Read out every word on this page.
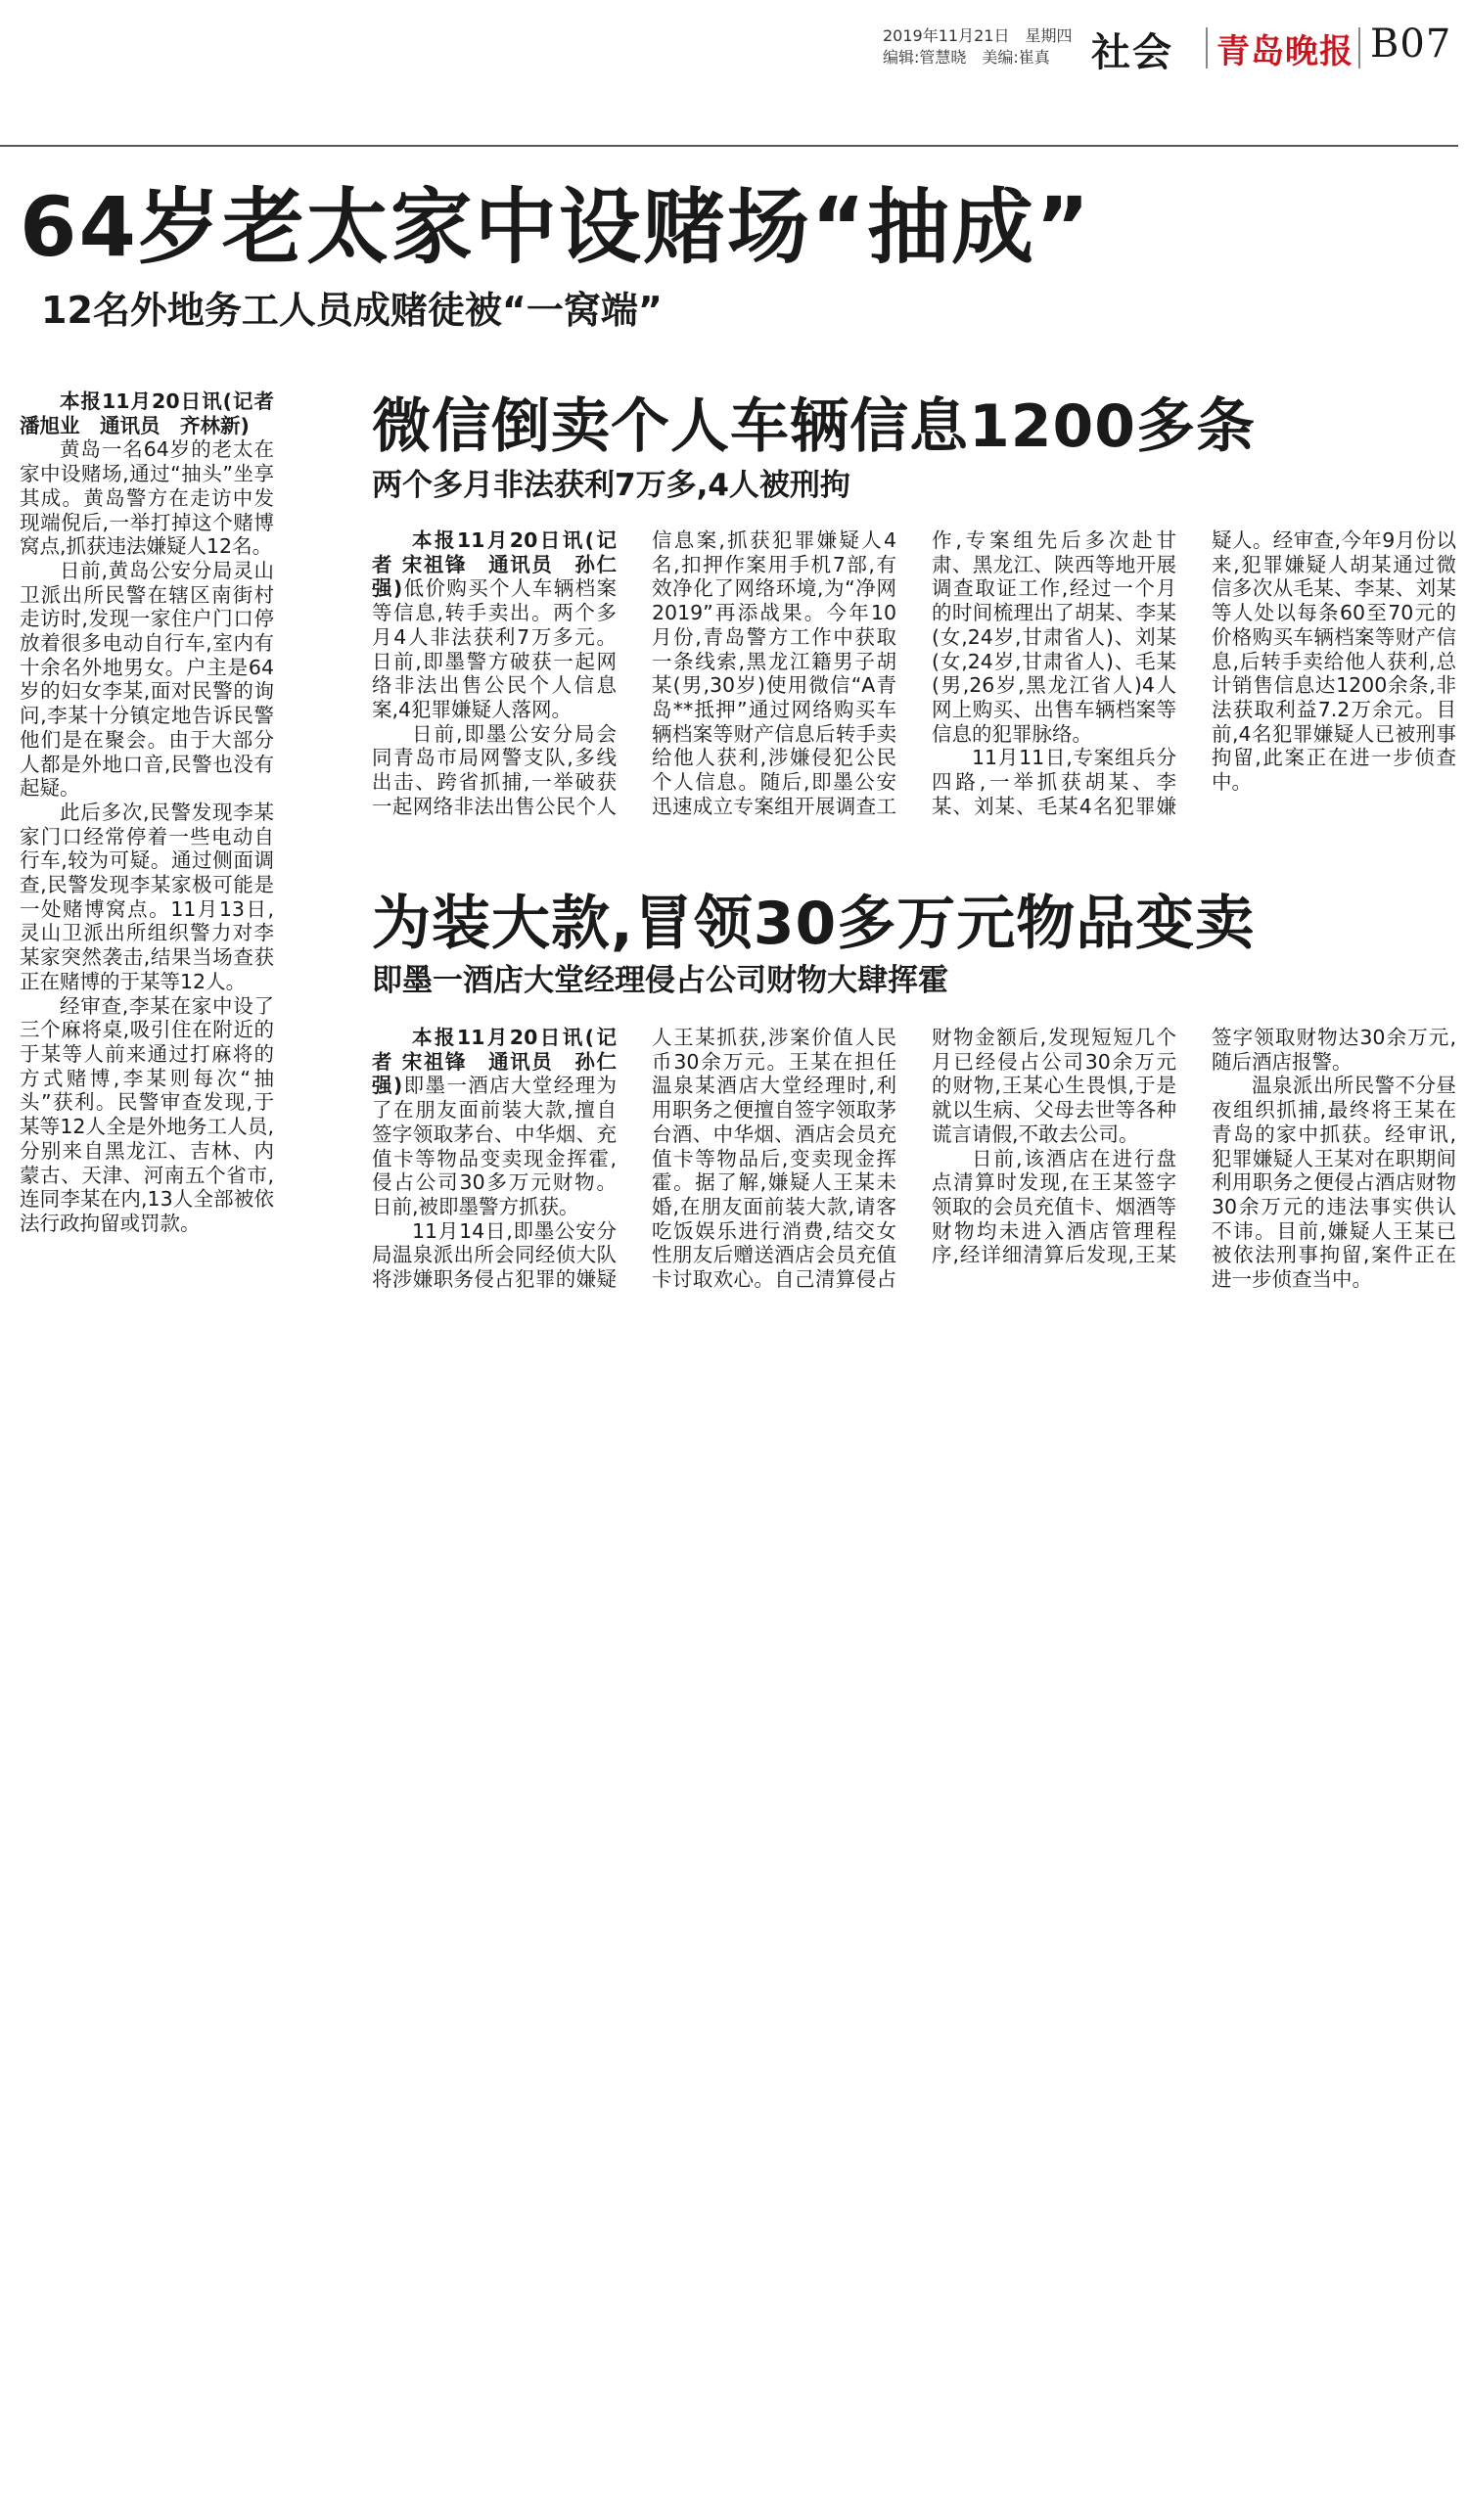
2019年11月21日　星期四
编辑:管慧晓　美编:崔真	社会 青岛晚报 B07
64岁老太家中设赌场“抽成”
12名外地务工人员成赌徒被“一窝端”

本报11月20日讯(记者 潘旭业　通讯员　齐林新)

黄岛一名64岁的老太在家中设赌场,通过“抽头”坐享其成。黄岛警方在走访中发现端倪后,一举打掉这个赌博窝点,抓获违法嫌疑人12名。

日前,黄岛公安分局灵山卫派出所民警在辖区南街村走访时,发现一家住户门口停放着很多电动自行车,室内有十余名外地男女。户主是64岁的妇女李某,面对民警的询问,李某十分镇定地告诉民警他们是在聚会。由于大部分人都是外地口音,民警也没有起疑。

此后多次,民警发现李某家门口经常停着一些电动自行车,较为可疑。通过侧面调查,民警发现李某家极可能是一处赌博窝点。11月13日,灵山卫派出所组织警力对李某家突然袭击,结果当场查获正在赌博的于某等12人。

经审查,李某在家中设了三个麻将桌,吸引住在附近的于某等人前来通过打麻将的方式赌博,李某则每次“抽头”获利。民警审查发现,于某等12人全是外地务工人员,分别来自黑龙江、吉林、内蒙古、天津、河南五个省市,连同李某在内,13人全部被依法行政拘留或罚款。

微信倒卖个人车辆信息1200多条
两个多月非法获利7万多,4人被刑拘

本报11月20日讯(记者 宋祖锋　通讯员　孙仁强)低价购买个人车辆档案等信息,转手卖出。两个多月4人非法获利7万多元。日前,即墨警方破获一起网络非法出售公民个人信息案,4犯罪嫌疑人落网。

日前,即墨公安分局会同青岛市局网警支队,多线出击、跨省抓捕,一举破获一起网络非法出售公民个人信息案,抓获犯罪嫌疑人4名,扣押作案用手机7部,有效净化了网络环境,为“净网2019”再添战果。今年10月份,青岛警方工作中获取一条线索,黑龙江籍男子胡某(男,30岁)使用微信“A青岛**抵押”通过网络购买车辆档案等财产信息后转手卖给他人获利,涉嫌侵犯公民个人信息。随后,即墨公安迅速成立专案组开展调查工作,专案组先后多次赴甘肃、黑龙江、陕西等地开展调查取证工作,经过一个月的时间梳理出了胡某、李某(女,24岁,甘肃省人)、刘某(女,24岁,甘肃省人)、毛某(男,26岁,黑龙江省人)4人网上购买、出售车辆档案等信息的犯罪脉络。

11月11日,专案组兵分四路,一举抓获胡某、李某、刘某、毛某4名犯罪嫌疑人。经审查,今年9月份以来,犯罪嫌疑人胡某通过微信多次从毛某、李某、刘某等人处以每条60至70元的价格购买车辆档案等财产信息,后转手卖给他人获利,总计销售信息达1200余条,非法获取利益7.2万余元。目前,4名犯罪嫌疑人已被刑事拘留,此案正在进一步侦查中。

为装大款,冒领30多万元物品变卖
即墨一酒店大堂经理侵占公司财物大肆挥霍

本报11月20日讯(记者 宋祖锋　通讯员　孙仁强)即墨一酒店大堂经理为了在朋友面前装大款,擅自签字领取茅台、中华烟、充值卡等物品变卖现金挥霍,侵占公司30多万元财物。日前,被即墨警方抓获。

11月14日,即墨公安分局温泉派出所会同经侦大队将涉嫌职务侵占犯罪的嫌疑人王某抓获,涉案价值人民币30余万元。王某在担任温泉某酒店大堂经理时,利用职务之便擅自签字领取茅台酒、中华烟、酒店会员充值卡等物品后,变卖现金挥霍。据了解,嫌疑人王某未婚,在朋友面前装大款,请客吃饭娱乐进行消费,结交女性朋友后赠送酒店会员充值卡讨取欢心。自己清算侵占财物金额后,发现短短几个月已经侵占公司30余万元的财物,王某心生畏惧,于是就以生病、父母去世等各种谎言请假,不敢去公司。

日前,该酒店在进行盘点清算时发现,在王某签字领取的会员充值卡、烟酒等财物均未进入酒店管理程序,经详细清算后发现,王某签字领取财物达30余万元,随后酒店报警。

温泉派出所民警不分昼夜组织抓捕,最终将王某在青岛的家中抓获。经审讯,犯罪嫌疑人王某对在职期间利用职务之便侵占酒店财物30余万元的违法事实供认不讳。目前,嫌疑人王某已被依法刑事拘留,案件正在进一步侦查当中。
